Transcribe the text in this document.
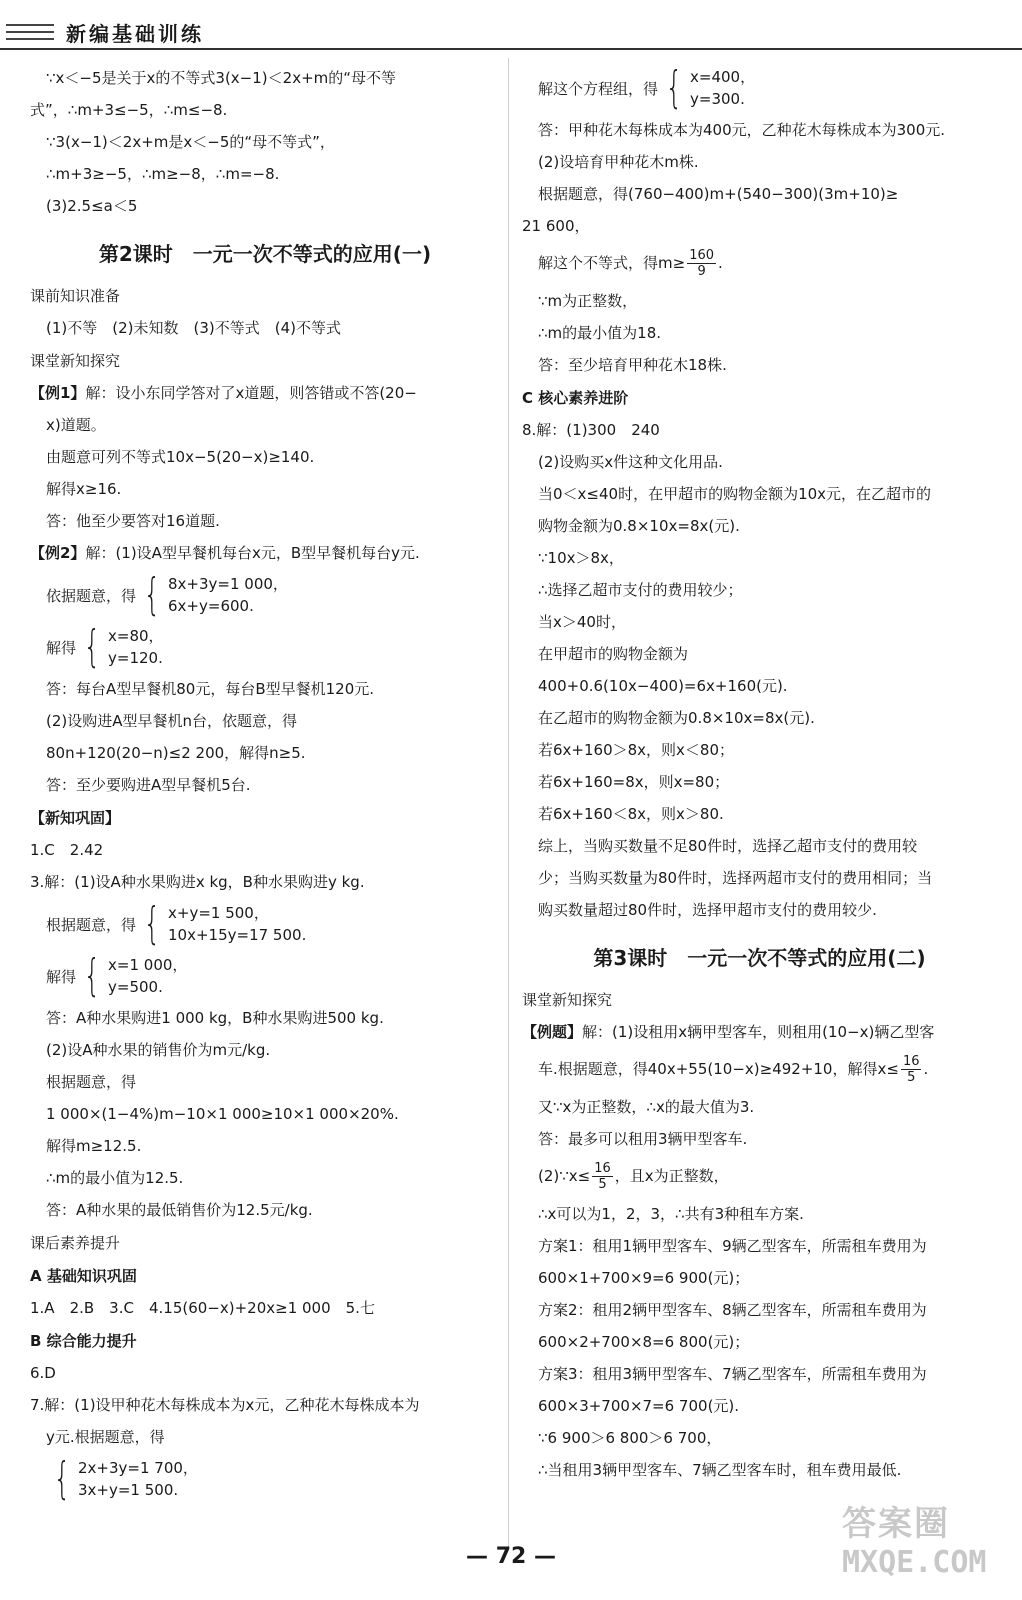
新编基础训练
∵x＜−5是关于x的不等式3(x−1)＜2x+m的“母不等
式”，∴m+3≤−5，∴m≤−8.
∵3(x−1)＜2x+m是x＜−5的“母不等式”，
∴m+3≥−5，∴m≥−8，∴m=−8.
(3)2.5≤a＜5
第2课时　一元一次不等式的应用(一)
课前知识准备
(1)不等　(2)未知数　(3)不等式　(4)不等式
课堂新知探究
【例1】解：设小东同学答对了x道题，则答错或不答(20−
x)道题。
由题意可列不等式10x−5(20−x)≥140.
解得x≥16.
答：他至少要答对16道题.
【例2】解：(1)设A型早餐机每台x元，B型早餐机每台y元.
依据题意，得 { 8x+3y=1 000，
6x+y=600.
解得 { x=80，
y=120.
答：每台A型早餐机80元，每台B型早餐机120元.
(2)设购进A型早餐机n台，依题意，得
80n+120(20−n)≤2 200，解得n≥5.
答：至少要购进A型早餐机5台.
【新知巩固】
1.C　2.42
3.解：(1)设A种水果购进x kg，B种水果购进y kg.
根据题意，得 { x+y=1 500，
10x+15y=17 500.
解得 { x=1 000，
y=500.
答：A种水果购进1 000 kg，B种水果购进500 kg.
(2)设A种水果的销售价为m元/kg.
根据题意，得
1 000×(1−4%)m−10×1 000≥10×1 000×20%.
解得m≥12.5.
∴m的最小值为12.5.
答：A种水果的最低销售价为12.5元/kg.
课后素养提升
A 基础知识巩固
1.A　2.B　3.C　4.15(60−x)+20x≥1 000　5.七
B 综合能力提升
6.D
7.解：(1)设甲种花木每株成本为x元，乙种花木每株成本为
y元.根据题意，得
{ 2x+3y=1 700，
3x+y=1 500.
解这个方程组，得 { x=400，
y=300.
答：甲种花木每株成本为400元，乙种花木每株成本为300元.
(2)设培育甲种花木m株.
根据题意，得(760−400)m+(540−300)(3m+10)≥
21 600，
解这个不等式，得$m\ge \frac{160}{9}$ .
∵m为正整数，
∴m的最小值为18.
答：至少培育甲种花木18株.
C 核心素养进阶
8.解：(1)300　240
(2)设购买x件这种文化用品.
当0＜x≤40时，在甲超市的购物金额为10x元，在乙超市的
购物金额为0.8×10x=8x(元).
∵10x＞8x，
∴选择乙超市支付的费用较少；
当x＞40时，
在甲超市的购物金额为
400+0.6(10x−400)=6x+160(元).
在乙超市的购物金额为0.8×10x=8x(元).
若6x+160＞8x，则x＜80；
若6x+160=8x，则x=80；
若6x+160＜8x，则x＞80.
综上，当购买数量不足80件时，选择乙超市支付的费用较
少；当购买数量为80件时，选择两超市支付的费用相同；当
购买数量超过80件时，选择甲超市支付的费用较少.
第3课时　一元一次不等式的应用(二)
课堂新知探究
【例题】解：(1)设租用x辆甲型客车，则租用(10−x)辆乙型客
车.根据题意，得40x+55(10−x)≥492+10，解得$x\le \frac{16}{5}$ .
又∵x为正整数，∴x的最大值为3.
答：最多可以租用3辆甲型客车.
(2)∵x≤ $\frac{16}{5}$ ，且x为正整数，
∴x可以为1，2，3，∴共有3种租车方案.
方案1：租用1辆甲型客车、9辆乙型客车，所需租车费用为
600×1+700×9=6 900(元)；
方案2：租用2辆甲型客车、8辆乙型客车，所需租车费用为
600×2+700×8=6 800(元)；
方案3：租用3辆甲型客车、7辆乙型客车，所需租车费用为
600×3+700×7=6 700(元).
∵6 900＞6 800＞6 700，
∴当租用3辆甲型客车、7辆乙型客车时，租车费用最低.
— 72 —
答案圈
MXQE.COM
